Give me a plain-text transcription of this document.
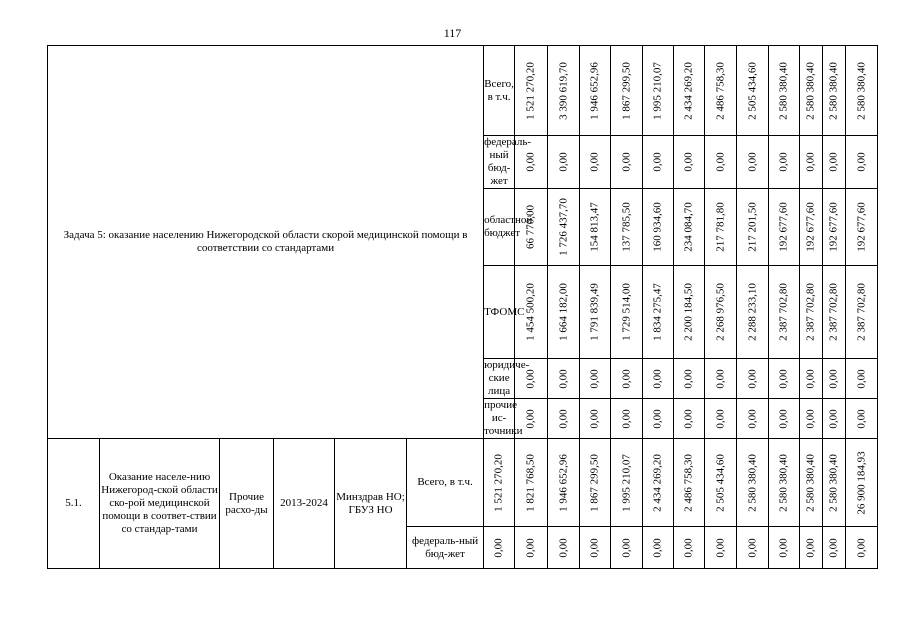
117
Задача 5: оказание населению Нижегородской области скорой медицинской помощи в соответствии со стандартами						Всего, в т.ч.	1 521 270,20	3 390 619,70	1 946 652,96	1 867 299,50	1 995 210,07	2 434 269,20	2 486 758,30	2 505 434,60	2 580 380,40	2 580 380,40	2 580 380,40	2 580 380,40

						федераль-ный бюд-жет	0,00	0,00	0,00	0,00	0,00	0,00	0,00	0,00	0,00	0,00	0,00	0,00

						областной бюджет	66 770,00	1 726 437,70	154 813,47	137 785,50	160 934,60	234 084,70	217 781,80	217 201,50	192 677,60	192 677,60	192 677,60	192 677,60

						ТФОМС	1 454 500,20	1 664 182,00	1 791 839,49	1 729 514,00	1 834 275,47	2 200 184,50	2 268 976,50	2 288 233,10	2 387 702,80	2 387 702,80	2 387 702,80	2 387 702,80

						юридиче-ские лица	0,00	0,00	0,00	0,00	0,00	0,00	0,00	0,00	0,00	0,00	0,00	0,00

						прочие ис-точники	0,00	0,00	0,00	0,00	0,00	0,00	0,00	0,00	0,00	0,00	0,00	0,00

5.1.	Оказание населе-нию Нижегород-ской области ско-рой медицинской помощи в соответ-ствии со стандар-тами	Прочие расхо-ды	2013-2024	Минздрав НО; ГБУЗ НО	Всего, в т.ч.	1 521 270,20	1 821 768,50	1 946 652,96	1 867 299,50	1 995 210,07	2 434 269,20	2 486 758,30	2 505 434,60	2 580 380,40	2 580 380,40	2 580 380,40	2 580 380,40	26 900 184,93	

					федераль-ный бюд-жет	0,00	0,00	0,00	0,00	0,00	0,00	0,00	0,00	0,00	0,00	0,00	0,00	0,00	
